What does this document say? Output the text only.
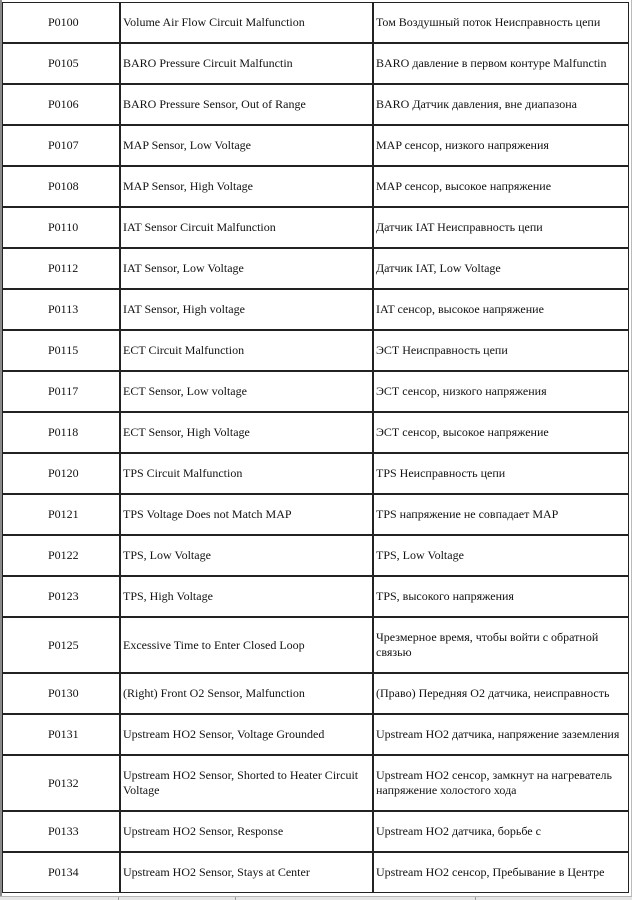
P0100	Volume Air Flow Circuit Malfunction	Том Воздушный поток Неисправность цепи
P0105	BARO Pressure Circuit Malfunctin	BARO давление в первом контуре Malfunctin
P0106	BARO Pressure Sensor, Out of Range	BARO Датчик давления, вне диапазона
P0107	MAP Sensor, Low Voltage	MAP сенсор, низкого напряжения
P0108	MAP Sensor, High Voltage	MAP сенсор, высокое напряжение
P0110	IAT Sensor Circuit Malfunction	Датчик IAT Неисправность цепи
P0112	IAT Sensor, Low Voltage	Датчик IAT, Low Voltage
P0113	IAT Sensor, High voltage	IAT сенсор, высокое напряжение
P0115	ECT Circuit Malfunction	ЭСТ Неисправность цепи
P0117	ECT Sensor, Low voltage	ЭСТ сенсор, низкого напряжения
P0118	ECT Sensor, High Voltage	ЭСТ сенсор, высокое напряжение
P0120	TPS Circuit Malfunction	TPS Неисправность цепи
P0121	TPS Voltage Does not Match MAP	TPS напряжение не совпадает MAP
P0122	TPS, Low Voltage	TPS, Low Voltage
P0123	TPS, High Voltage	TPS, высокого напряжения
P0125	Excessive Time to Enter Closed Loop	Чрезмерное время, чтобы войти с обратной связью
P0130	(Right) Front O2 Sensor, Malfunction	(Право) Передняя O2 датчика, неисправность
P0131	Upstream HO2 Sensor, Voltage Grounded	Upstream HO2 датчика, напряжение заземления
P0132	Upstream HO2 Sensor, Shorted to Heater Circuit Voltage	Upstream HO2 сенсор, замкнут на нагреватель напряжение холостого хода
P0133	Upstream HO2 Sensor, Response	Upstream HO2 датчика, борьбе с
P0134	Upstream HO2 Sensor, Stays at Center	Upstream HO2 сенсор, Пребывание в Центре
